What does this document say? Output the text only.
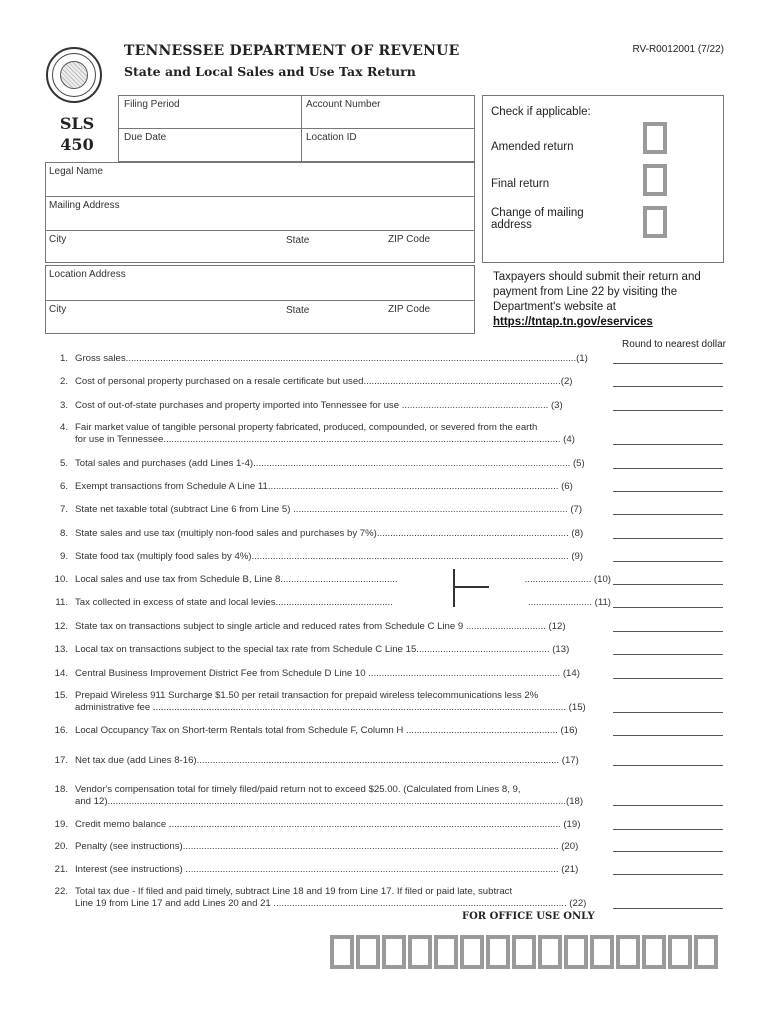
TENNESSEE DEPARTMENT OF REVENUE
State and Local Sales and Use Tax Return
RV-R0012001 (7/22)
SLS
450
Filing Period	Account Number
Due Date	Location ID
Legal Name
Mailing Address
City	State	ZIP Code
Location Address
City	State	ZIP Code
Check if applicable:
Amended return
Final return
Change of mailing
address
Taxpayers should submit their return and payment from Line 22 by visiting the Department's website at
https://tntap.tn.gov/eservices
Round to nearest dollar
1. Gross sales.........................................................................................................................................................................(1)
2. Cost of personal property purchased on a resale certificate but used..........................................................................(2)
3. Cost of out-of-state purchases and property imported into Tennessee for use ....................................................... (3)
4. Fair market value of tangible personal property fabricated, produced, compounded, or severed from the earth
for use in Tennessee..................................................................................................................................................... (4)
5. Total sales and purchases (add Lines 1-4)....................................................................................................................... (5)
6. Exempt transactions from Schedule A Line 11............................................................................................................. (6)
7. State net taxable total (subtract Line 6 from Line 5) ....................................................................................................... (7)
8. State sales and use tax (multiply non-food sales and purchases by 7%)........................................................................ (8)
9. State food tax (multiply food sales by 4%)....................................................................................................................... (9)
10. Local sales and use tax from Schedule B, Line 8............................................	......................... (10)
11. Tax collected in excess of state and local levies............................................	........................ (11)
12. State tax on transactions subject to single article and reduced rates from Schedule C Line 9 .............................. (12)
13. Local tax on transactions subject to the special tax rate from Schedule C Line 15.................................................. (13)
14. Central Business Improvement District Fee from Schedule D Line 10 ........................................................................ (14)
15. Prepaid Wireless 911 Surcharge $1.50 per retail transaction for prepaid wireless telecommunications less 2%
administrative fee ........................................................................................................................................................... (15)
16. Local Occupancy Tax on Short-term Rentals total from Schedule F, Column H ......................................................... (16)
17. Net tax due (add Lines 8-16)........................................................................................................................................ (17)
18. Vendor's compensation total for timely filed/paid return not to exceed $25.00. (Calculated from Lines 8, 9,
and 12)............................................................................................................................................................................(18)
19. Credit memo balance ................................................................................................................................................... (19)
20. Penalty (see instructions)............................................................................................................................................. (20)
21. Interest (see instructions) ............................................................................................................................................ (21)
22. Total tax due - If filed and paid timely, subtract Line 18 and 19 from Line 17. If filed or paid late, subtract
Line 19 from Line 17 and add Lines 20 and 21 .............................................................................................................. (22)
FOR OFFICE USE ONLY
